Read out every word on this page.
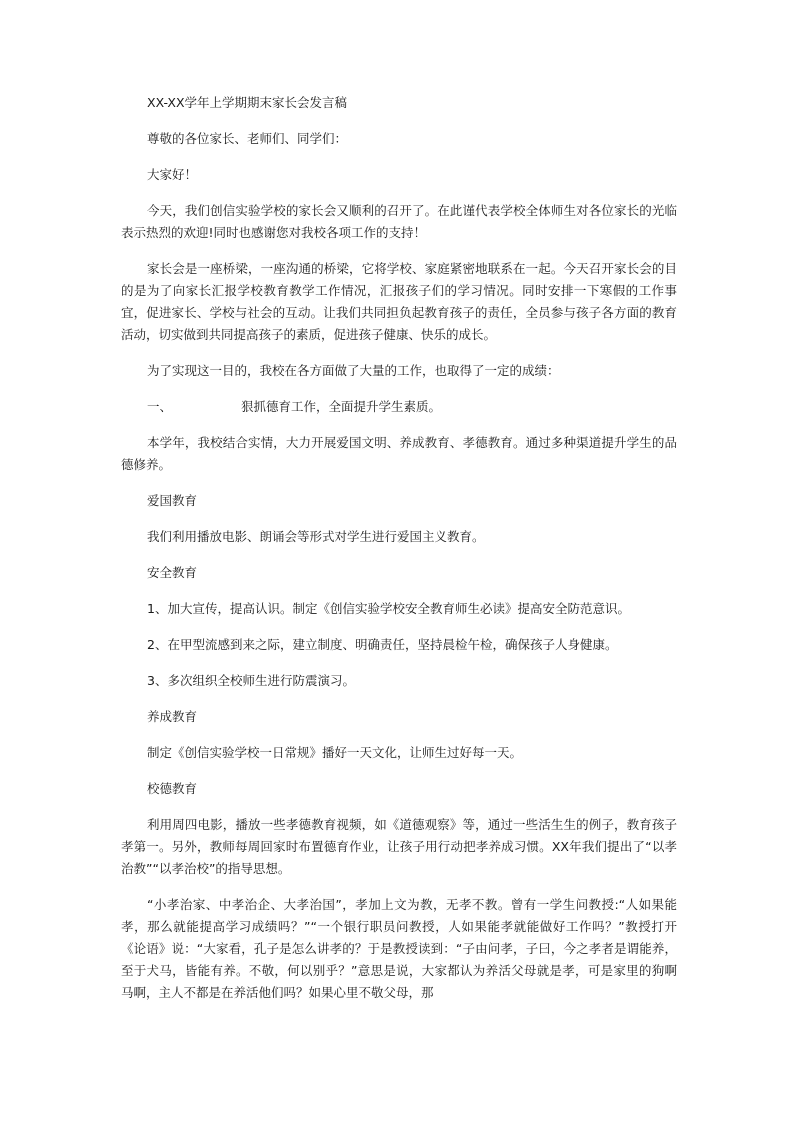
XX-XX学年上学期期末家长会发言稿

尊敬的各位家长、老师们、同学们：

大家好！

今天，我们创信实验学校的家长会又顺利的召开了。在此谨代表学校全体师生对各位家长的光临表示热烈的欢迎!同时也感谢您对我校各项工作的支持！

家长会是一座桥梁，一座沟通的桥梁，它将学校、家庭紧密地联系在一起。今天召开家长会的目的是为了向家长汇报学校教育教学工作情况，汇报孩子们的学习情况。同时安排一下寒假的工作事宜，促进家长、学校与社会的互动。让我们共同担负起教育孩子的责任，全员参与孩子各方面的教育活动，切实做到共同提高孩子的素质，促进孩子健康、快乐的成长。

为了实现这一目的，我校在各方面做了大量的工作，也取得了一定的成绩：

一、	狠抓德育工作，全面提升学生素质。

本学年，我校结合实情，大力开展爱国文明、养成教育、孝德教育。通过多种渠道提升学生的品德修养。

爱国教育

我们利用播放电影、朗诵会等形式对学生进行爱国主义教育。

安全教育

1、加大宣传，提高认识。制定《创信实验学校安全教育师生必读》提高安全防范意识。

2、在甲型流感到来之际，建立制度、明确责任，坚持晨检午检，确保孩子人身健康。

3、多次组织全校师生进行防震演习。

养成教育

制定《创信实验学校一日常规》播好一天文化，让师生过好每一天。

校德教育

利用周四电影，播放一些孝德教育视频，如《道德观察》等，通过一些活生生的例子，教育孩子孝第一。另外，教师每周回家时布置德育作业，让孩子用行动把孝养成习惯。XX年我们提出了“以孝治教”“以孝治校”的指导思想。

“小孝治家、中孝治企、大孝治国”，孝加上文为教，无孝不教。曾有一学生问教授:“人如果能孝，那么就能提高学习成绩吗？”“一个银行职员问教授，人如果能孝就能做好工作吗？”教授打开《论语》说：“大家看，孔子是怎么讲孝的？于是教授读到：“子由问孝，子曰，今之孝者是谓能养，至于犬马，皆能有养。不敬，何以别乎？”意思是说，大家都认为养活父母就是孝，可是家里的狗啊马啊，主人不都是在养活他们吗？如果心里不敬父母，那
